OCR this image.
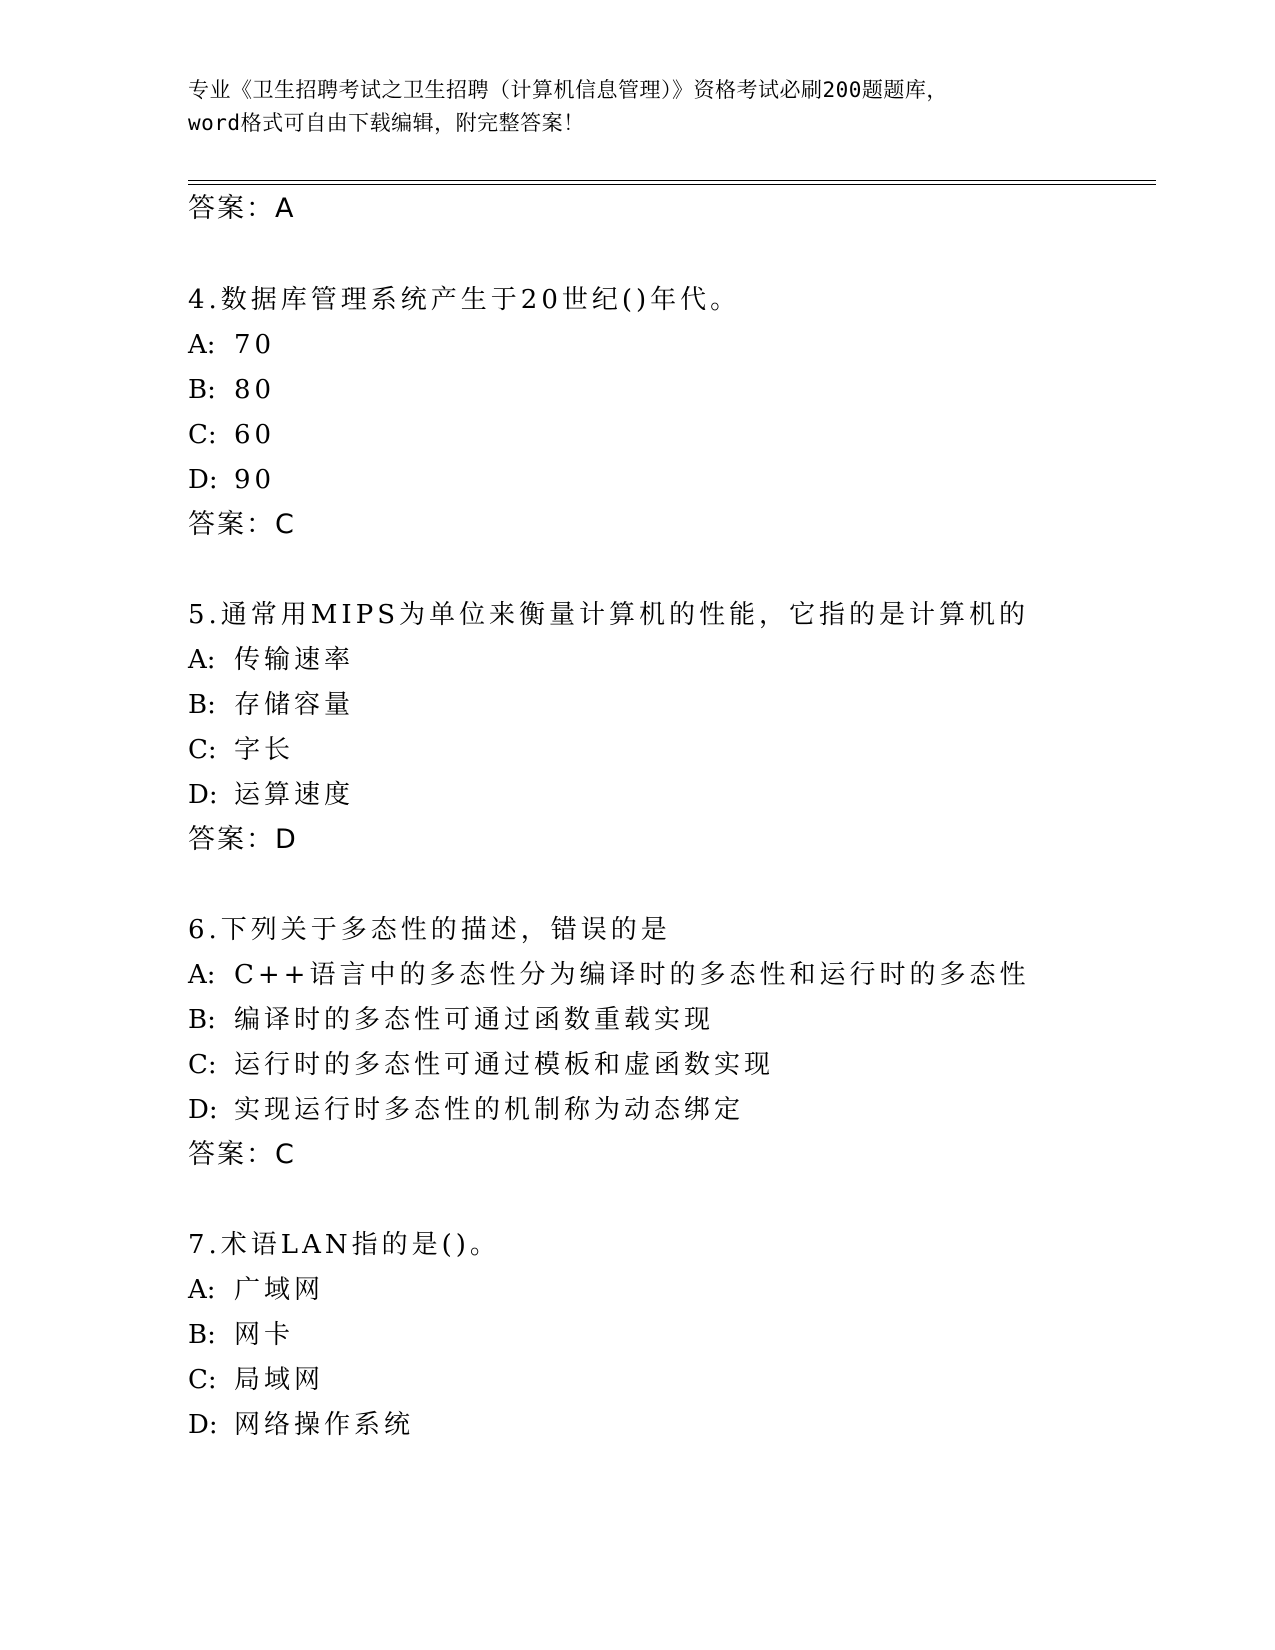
专业《卫生招聘考试之卫生招聘（计算机信息管理）》资格考试必刷200题题库，
word格式可自由下载编辑，附完整答案！
答案：A
4.数据库管理系统产生于20世纪()年代。
A: 70
B: 80
C: 60
D: 90
答案：C
5.通常用MIPS为单位来衡量计算机的性能，它指的是计算机的
A: 传输速率
B: 存储容量
C: 字长
D: 运算速度
答案：D
6.下列关于多态性的描述，错误的是
A: C++语言中的多态性分为编译时的多态性和运行时的多态性
B: 编译时的多态性可通过函数重载实现
C: 运行时的多态性可通过模板和虚函数实现
D: 实现运行时多态性的机制称为动态绑定
答案：C
7.术语LAN指的是()。
A: 广域网
B: 网卡
C: 局域网
D: 网络操作系统
